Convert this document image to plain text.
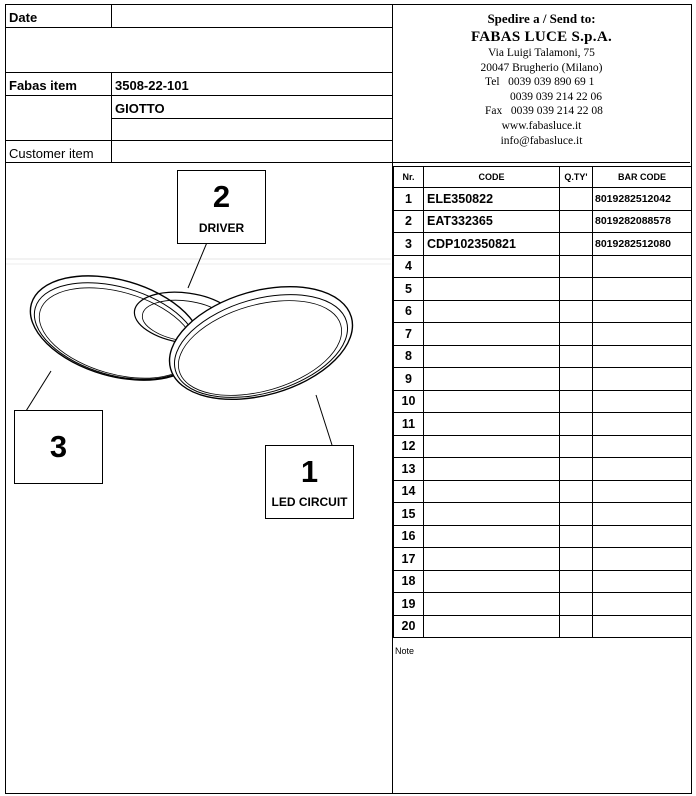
Date
Fabas item	3508-22-101
GIOTTO
Customer item
Spedire a / Send to:
FABAS LUCE S.p.A.
Via Luigi Talamoni, 75
20047 Brugherio (Milano)
Tel 0039 039 890 69 1
0039 039 214 22 06
Fax 0039 039 214 22 08
www.fabasluce.it
info@fabasluce.it
Nr.	CODE	Q.TY'	BAR CODE
1	ELE350822		8019282512042
2	EAT332365		8019282088578
3	CDP102350821		8019282512080
4			
5			
6			
7			
8			
9			
10			
11			
12			
13			
14			
15			
16			
17			
18			
19			
20			
Note
2
DRIVER
3
1
LED CIRCUIT
